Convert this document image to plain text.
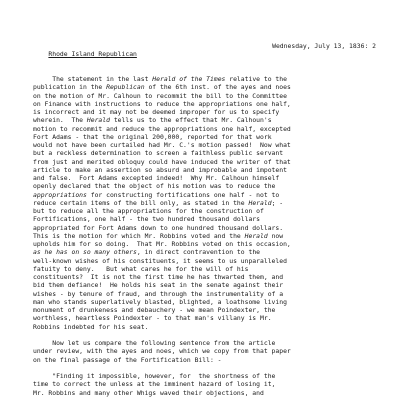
Rhode Island Republican

Wednesday, July 13, 1836: 2

The statement in the last Herald of the Times relative to the
publication in the Republican of the 6th inst. of the ayes and noes
on the motion of Mr. Calhoun to recommit the bill to the Committee
on Finance with instructions to reduce the appropriations one half,
is incorrect and it may not be deemed improper for us to specify
wherein.  The Herald tells us to the effect that Mr. Calhoun's
motion to recommit and reduce the appropriations one half, excepted
Fort Adams - that the original 200,000, reported for that work
would not have been curtailed had Mr. C.'s motion passed!  Now what
but a reckless determination to screen a faithless public servant
from just and merited obloquy could have induced the writer of that
article to make an assertion so absurd and improbable and impotent
and false.  Fort Adams excepted indeed!  Why Mr. Calhoun himself
openly declared that the object of his motion was to reduce the
appropriations for constructing fortifications one half - not to
reduce certain items of the bill only, as stated in the Herald; -
but to reduce all the appropriations for the construction of
Fortifications, one half - the two hundred thousand dollars
appropriated for Fort Adams down to one hundred thousand dollars.
This is the motion for which Mr. Robbins voted and the Herald now
upholds him for so doing.  That Mr. Robbins voted on this occasion,
as he has on so many others, in direct contravention to the
well-known wishes of his constituents, it seems to us unparalleled
fatuity to deny.   But what cares he for the will of his
constituents?  It is not the first time he has thwarted them, and
bid them defiance!  He holds his seat in the senate against their
wishes - by tenure of fraud, and through the instrumentality of a
man who stands superlatively blasted, blighted, a loathsome living
monument of drunkeness and debauchery - we mean Poindexter, the
worthless, heartless Poindexter - to that man's villany is Mr.
Robbins indebted for his seat.
Now let us compare the following sentence from the article
under review, with the ayes and noes, which we copy from that paper
on the final passage of the Fortification Bill: -
"Finding it impossible, however, for  the shortness of the
time to correct the unless at the imminent hazard of losing it,
Mr. Robbins and many other Whigs waved their objections, and
